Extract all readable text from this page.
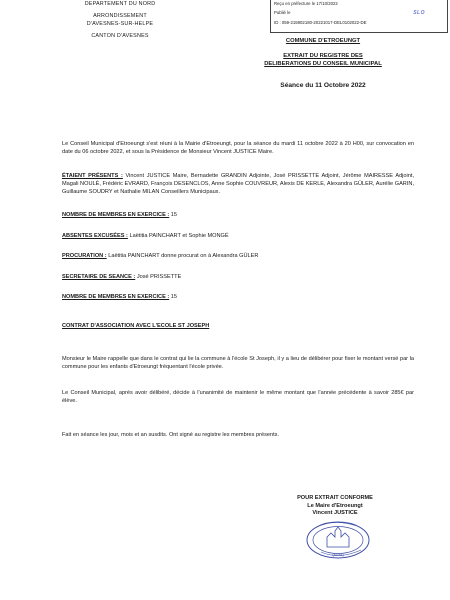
DEPARTEMENT DU NORD
ARRONDISSEMENT
D'AVESNES-SUR-HELPE
CANTON D'AVESNES
Reçu en préfecture le 17/10/2022
Publié le
ID : 059-215902180-20221017-DEL0102022-DE
SLO
COMMUNE D'ETROEUNGT
EXTRAIT DU REGISTRE DES
DELIBERATIONS DU CONSEIL MUNICIPAL
Séance du 11 Octobre 2022
Le Conseil Municipal d'Etroeungt s'est réuni à la Mairie d'Etroeungt, pour la séance du mardi 11 octobre 2022 à 20 H00, sur convocation en date du 06 octobre 2022, et sous la Présidence de Monsieur Vincent JUSTICE Maire.
ÉTAIENT PRÉSENTS : Vincent JUSTICE Maire, Bernadette GRANDIN Adjointe, José PRISSETTE Adjoint, Jérôme MAIRESSE Adjoint, Magali NOULÉ, Frédéric EVRARD, François DESENCLOS, Anne Sophie COUVREUR, Alexis DE KERLE, Alexandra GÜLER, Aurélie GARIN, Guillaume SOUDRY et Nathalie MILAN Conseillers Municipaux.
NOMBRE DE MEMBRES EN EXERCICE : 15
ABSENTES EXCUSÉES : Laëtitia PAINCHART et Sophie MONGÉ
PROCURATION : Laëtitia PAINCHART donne procurat on à Alexandra GÜLER
SECRETAIRE DE SEANCE : José PRISSETTE
NOMBRE DE MEMBRES EN EXERCICE : 15
CONTRAT D'ASSOCIATION AVEC L'ECOLE ST JOSEPH
Monsieur le Maire rappelle que dans le contrat qui lie la commune à l'école St Joseph, il y a lieu de délibérer pour fixer le montant versé par la commune pour les enfants d'Etroeungt fréquentant l'école privée.
Le Conseil Municipal, après avoir délibéré, décide à l'unanimité de maintenir le même montant que l'année précédente à savoir 285€ par élève.
Fait en séance les jour, mois et an susdits. Ont signé au registre les membres présents.
POUR EXTRAIT CONFORME
Le Maire d'Etroeungt
Vincent JUSTICE
(Nord)
